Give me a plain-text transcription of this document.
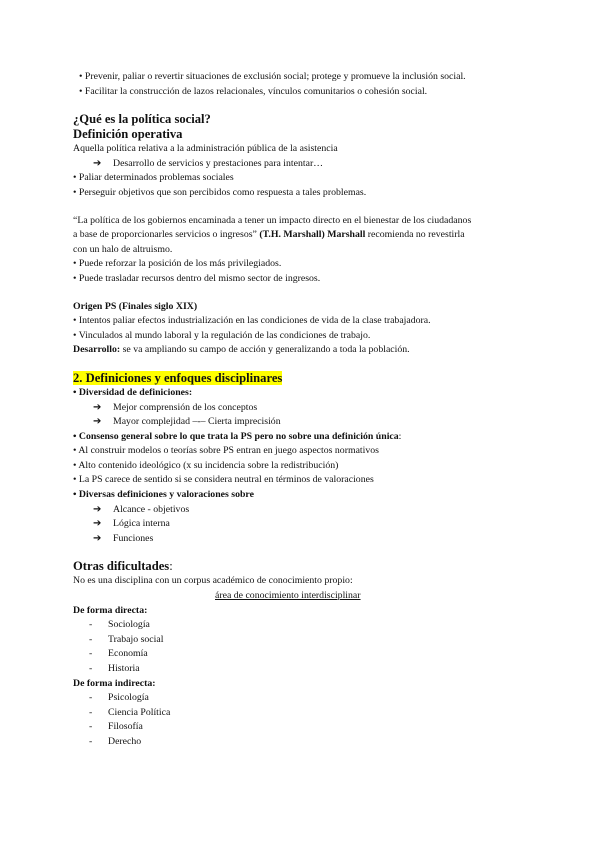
• Prevenir, paliar o revertir situaciones de exclusión social; protege y promueve la inclusión social.
• Facilitar la construcción de lazos relacionales, vínculos comunitarios o cohesión social.
¿Qué es la política social?
Definición operativa
Aquella política relativa a la administración pública de la asistencia
➔ Desarrollo de servicios y prestaciones para intentar…
• Paliar determinados problemas sociales
• Perseguir objetivos que son percibidos como respuesta a tales problemas.
“La política de los gobiernos encaminada a tener un impacto directo en el bienestar de los ciudadanos
a base de proporcionarles servicios o ingresos” (T.H. Marshall) Marshall recomienda no revestirla
con un halo de altruismo.
• Puede reforzar la posición de los más privilegiados.
• Puede trasladar recursos dentro del mismo sector de ingresos.
Origen PS (Finales siglo XIX)
• Intentos paliar efectos industrialización en las condiciones de vida de la clase trabajadora.
• Vinculados al mundo laboral y la regulación de las condiciones de trabajo.
Desarrollo: se va ampliando su campo de acción y generalizando a toda la población.
2. Definiciones y enfoques disciplinares
• Diversidad de definiciones:
➔ Mejor comprensión de los conceptos
➔ Mayor complejidad –-– Cierta imprecisión
• Consenso general sobre lo que trata la PS pero no sobre una definición única:
• Al construir modelos o teorías sobre PS entran en juego aspectos normativos
• Alto contenido ideológico (x su incidencia sobre la redistribución)
• La PS carece de sentido si se considera neutral en términos de valoraciones
• Diversas definiciones y valoraciones sobre
➔ Alcance - objetivos
➔ Lógica interna
➔ Funciones
Otras dificultades:
No es una disciplina con un corpus académico de conocimiento propio:
área de conocimiento interdisciplinar
De forma directa:
- Sociología
- Trabajo social
- Economía
- Historia
De forma indirecta:
- Psicología
- Ciencia Política
- Filosofía
- Derecho
